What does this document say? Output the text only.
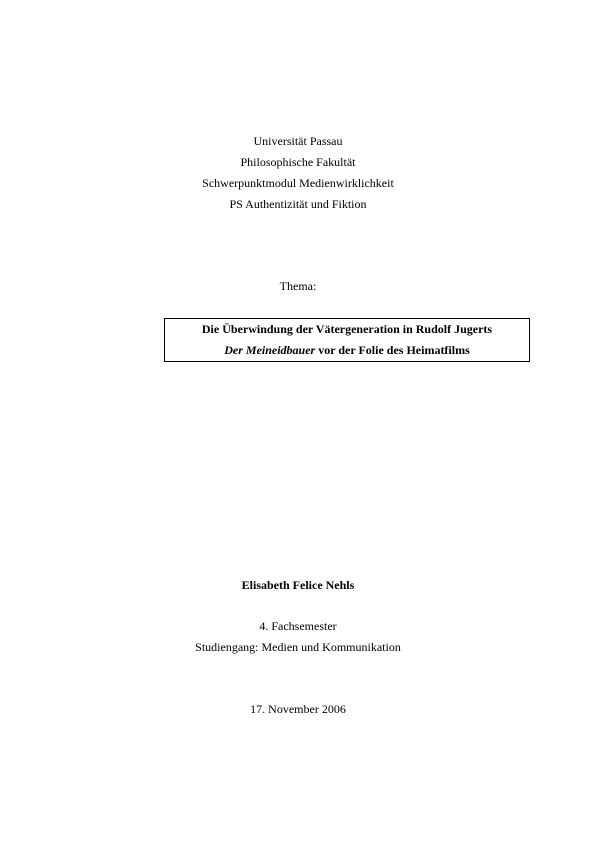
Universität Passau
Philosophische Fakultät
Schwerpunktmodul Medienwirklichkeit
PS Authentizität und Fiktion
Thema:
Die Überwindung der Vätergeneration in Rudolf Jugerts
Der Meineidbauer vor der Folie des Heimatfilms
Elisabeth Felice Nehls
4. Fachsemester
Studiengang: Medien und Kommunikation
17. November 2006
